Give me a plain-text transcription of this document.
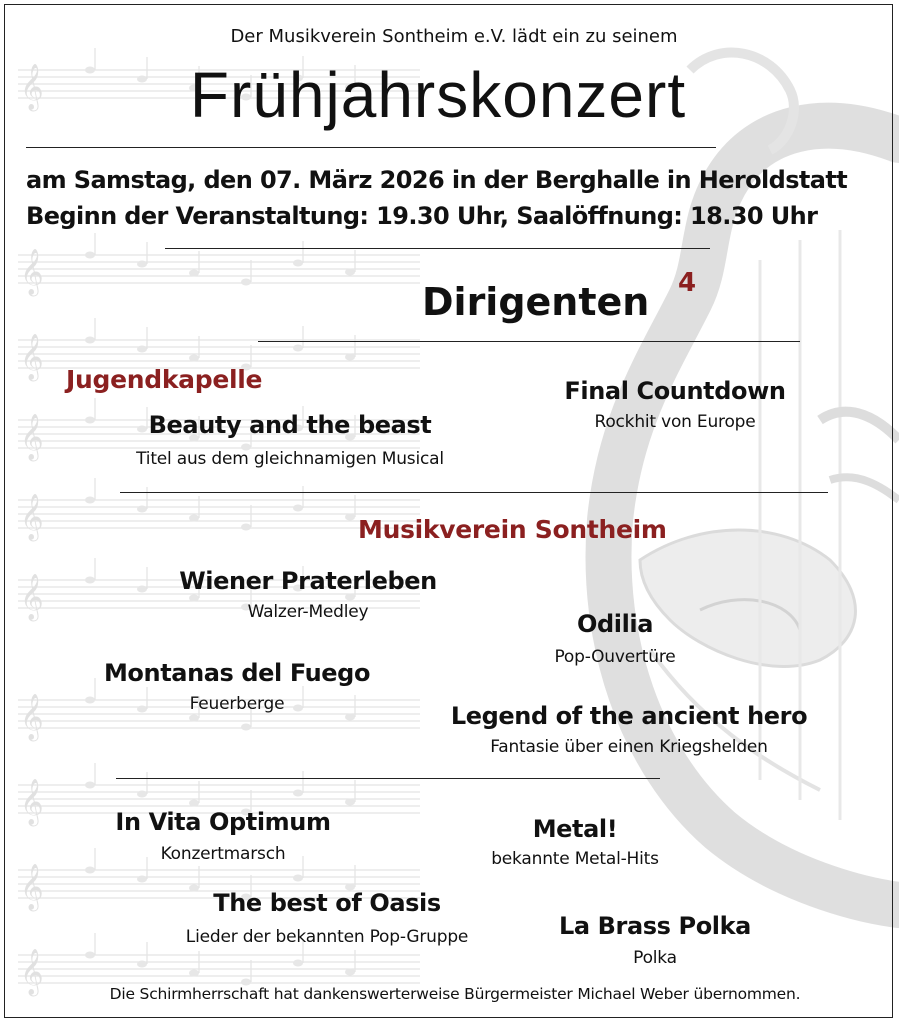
𝄞
𝄞
𝄞
𝄞
𝄞
𝄞
𝄞
𝄞
𝄞
𝄞
Der Musikverein Sontheim e.V. lädt ein zu seinem
Frühjahrskonzert
am Samstag, den 07. März 2026 in der Berghalle in Heroldstatt
Beginn der Veranstaltung: 19.30 Uhr, Saalöffnung: 18.30 Uhr
Dirigenten 4
Jugendkapelle
Beauty and the beast
Titel aus dem gleichnamigen Musical
Final Countdown
Rockhit von Europe
Musikverein Sontheim
Wiener Praterleben
Walzer-Medley	Odilia
Pop-Ouvertüre
Montanas del Fuego
Feuerberge	Legend of the ancient hero
Fantasie über einen Kriegshelden
In Vita Optimum
Konzertmarsch
Metal!
bekannte Metal-Hits
The best of Oasis
Lieder der bekannten Pop-Gruppe	La Brass Polka
Polka
Die Schirmherrschaft hat dankenswerterweise Bürgermeister Michael Weber übernommen.
